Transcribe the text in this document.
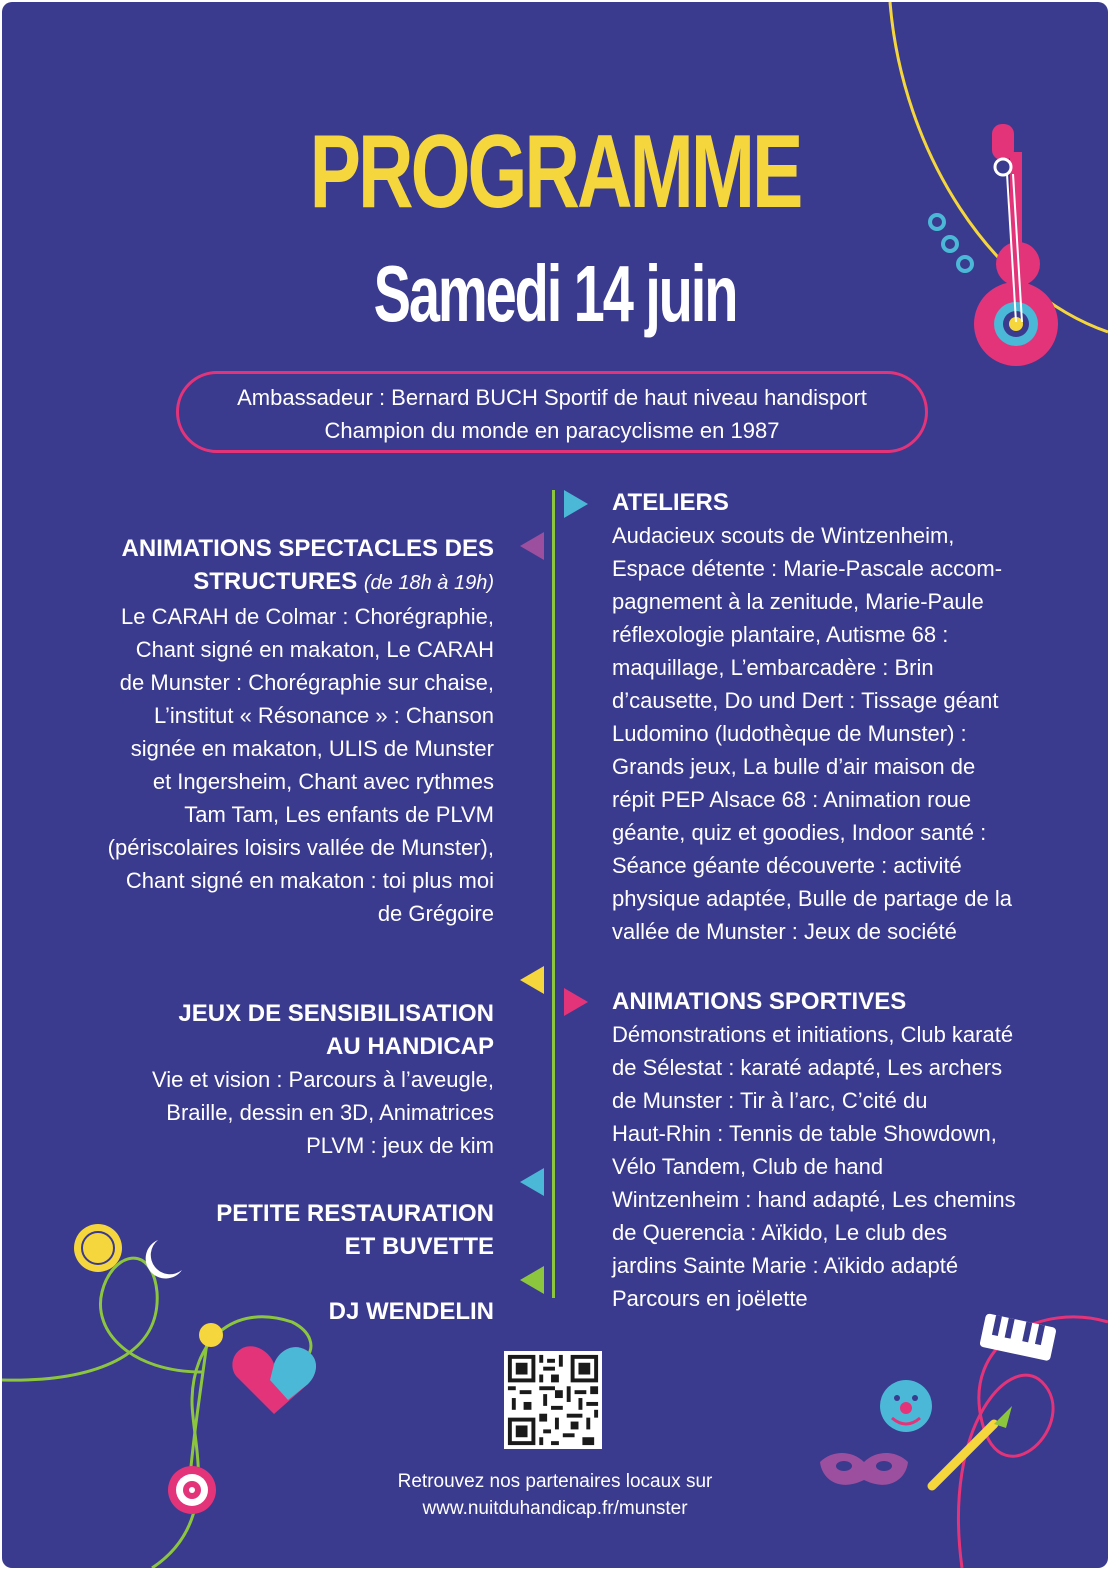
PROGRAMME
Samedi 14 juin
Ambassadeur : Bernard BUCH Sportif de haut niveau handisport
Champion du monde en paracyclisme en 1987
ANIMATIONS SPECTACLES DES
STRUCTURES (de 18h à 19h)
Le CARAH de Colmar : Chorégraphie,
Chant signé en makaton, Le CARAH
de Munster : Chorégraphie sur chaise,
L’institut « Résonance » : Chanson
signée en makaton, ULIS de Munster
et Ingersheim, Chant avec rythmes
Tam Tam, Les enfants de PLVM
(périscolaires loisirs vallée de Munster),
Chant signé en makaton : toi plus moi
de Grégoire
JEUX DE SENSIBILISATION
AU HANDICAP
Vie et vision : Parcours à l’aveugle,
Braille, dessin en 3D, Animatrices
PLVM : jeux de kim
PETITE RESTAURATION
ET BUVETTE
DJ WENDELIN
ATELIERS
Audacieux scouts de Wintzenheim,
Espace détente : Marie-Pascale accom-
pagnement à la zenitude, Marie-Paule
réflexologie plantaire, Autisme 68 :
maquillage, L’embarcadère : Brin
d’causette, Do und Dert : Tissage géant
Ludomino (ludothèque de Munster) :
Grands jeux, La bulle d’air maison de
répit PEP Alsace 68 : Animation roue
géante, quiz et goodies, Indoor santé :
Séance géante découverte : activité
physique adaptée, Bulle de partage de la
vallée de Munster : Jeux de société
ANIMATIONS SPORTIVES
Démonstrations et initiations, Club karaté
de Sélestat : karaté adapté, Les archers
de Munster : Tir à l’arc, C’cité du
Haut-Rhin : Tennis de table Showdown,
Vélo Tandem, Club de hand
Wintzenheim : hand adapté, Les chemins
de Querencia : Aïkido, Le club des
jardins Sainte Marie : Aïkido adapté
Parcours en joëlette
Retrouvez nos partenaires locaux sur
www.nuitduhandicap.fr/munster
